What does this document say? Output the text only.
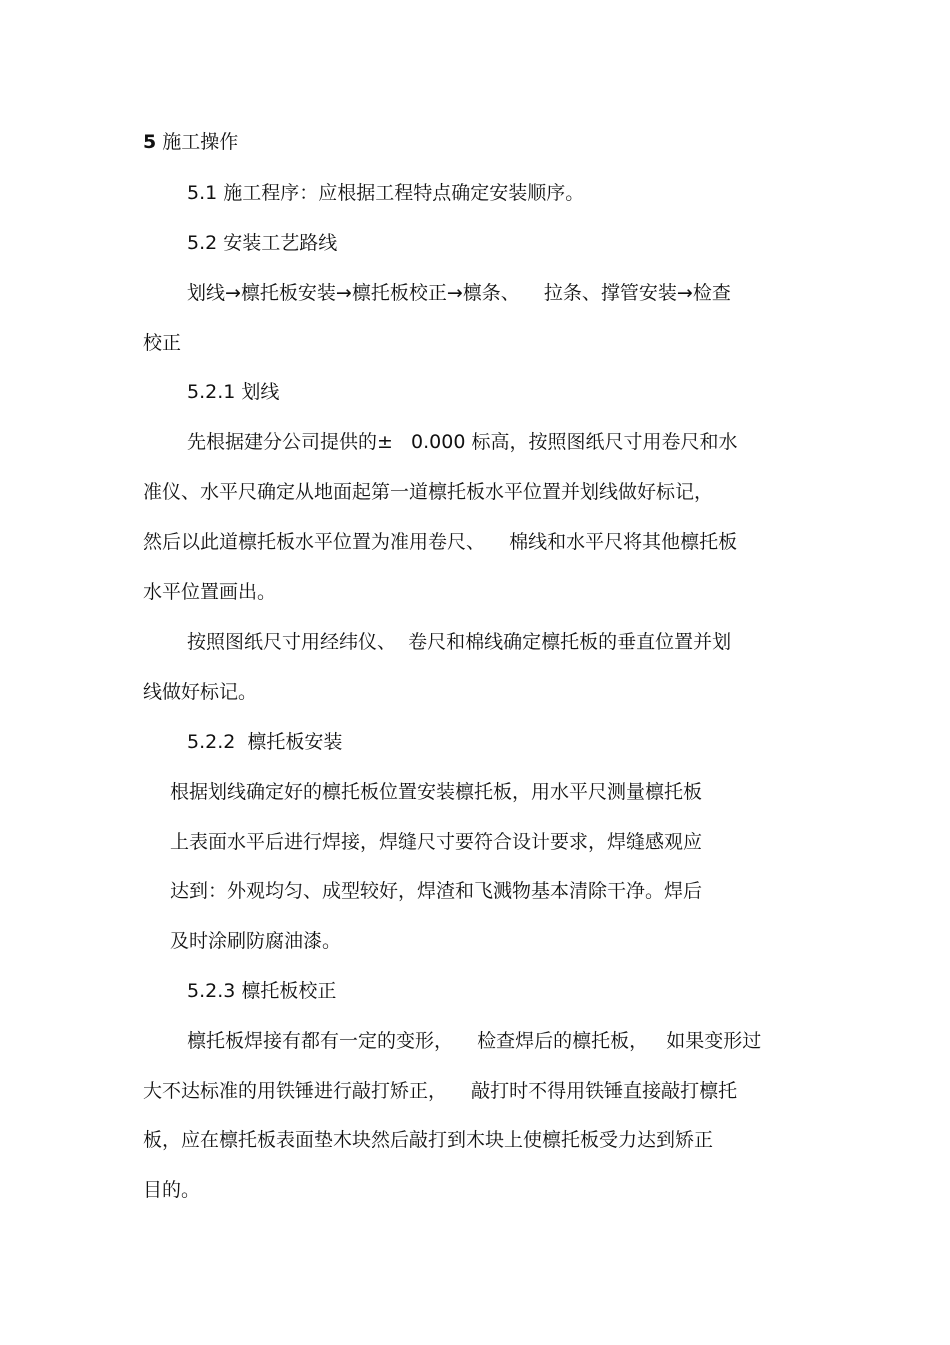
5 施工操作
5.1 施工程序：应根据工程特点确定安装顺序。
5.2 安装工艺路线
划线→檩托板安装→檩托板校正→檩条、    拉条、撑管安装→检查
校正
5.2.1 划线
先根据建分公司提供的±   0.000 标高，按照图纸尺寸用卷尺和水
准仪、水平尺确定从地面起第一道檩托板水平位置并划线做好标记，
然后以此道檩托板水平位置为准用卷尺、    棉线和水平尺将其他檩托板
水平位置画出。
按照图纸尺寸用经纬仪、  卷尺和棉线确定檩托板的垂直位置并划
线做好标记。
5.2.2  檩托板安装
根据划线确定好的檩托板位置安装檩托板，用水平尺测量檩托板
上表面水平后进行焊接，焊缝尺寸要符合设计要求，焊缝感观应
达到：外观均匀、成型较好，焊渣和飞溅物基本清除干净。焊后
及时涂刷防腐油漆。
5.2.3 檩托板校正
檩托板焊接有都有一定的变形，    检查焊后的檩托板，   如果变形过
大不达标准的用铁锤进行敲打矫正，    敲打时不得用铁锤直接敲打檩托
板，应在檩托板表面垫木块然后敲打到木块上使檩托板受力达到矫正
目的。
